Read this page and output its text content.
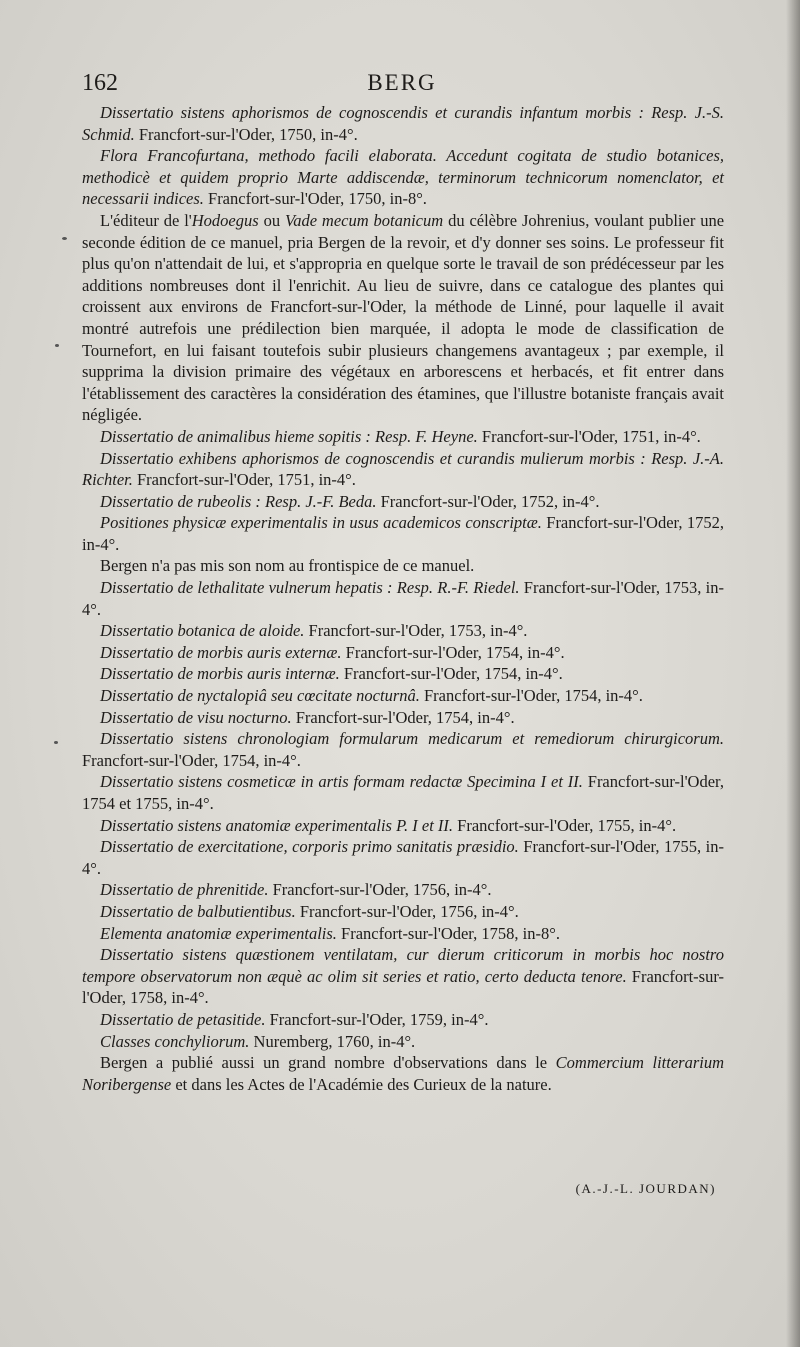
162	BERG

Dissertatio sistens aphorismos de cognoscendis et curandis infantum morbis : Resp. J.-S. Schmid. Francfort-sur-l'Oder, 1750, in-4°.

Flora Francofurtana, methodo facili elaborata. Accedunt cogitata de studio botanices, methodicè et quidem proprio Marte addiscendæ, terminorum technicorum nomenclator, et necessarii indices. Francfort-sur-l'Oder, 1750, in-8°.

L'éditeur de l'Hodoegus ou Vade mecum botanicum du célèbre Johrenius, voulant publier une seconde édition de ce manuel, pria Bergen de la revoir, et d'y donner ses soins. Le professeur fit plus qu'on n'attendait de lui, et s'appropria en quelque sorte le travail de son prédécesseur par les additions nombreuses dont il l'enrichit. Au lieu de suivre, dans ce catalogue des plantes qui croissent aux environs de Francfort-sur-l'Oder, la méthode de Linné, pour laquelle il avait montré autrefois une prédilection bien marquée, il adopta le mode de classification de Tournefort, en lui faisant toutefois subir plusieurs changemens avantageux ; par exemple, il supprima la division primaire des végétaux en arborescens et herbacés, et fit entrer dans l'établissement des caractères la considération des étamines, que l'illustre botaniste français avait négligée.

Dissertatio de animalibus hieme sopitis : Resp. F. Heyne. Francfort-sur-l'Oder, 1751, in-4°.

Dissertatio exhibens aphorismos de cognoscendis et curandis mulierum morbis : Resp. J.-A. Richter. Francfort-sur-l'Oder, 1751, in-4°.

Dissertatio de rubeolis : Resp. J.-F. Beda. Francfort-sur-l'Oder, 1752, in-4°.

Positiones physicæ experimentalis in usus academicos conscriptæ. Francfort-sur-l'Oder, 1752, in-4°.

Bergen n'a pas mis son nom au frontispice de ce manuel.

Dissertatio de lethalitate vulnerum hepatis : Resp. R.-F. Riedel. Francfort-sur-l'Oder, 1753, in-4°.

Dissertatio botanica de aloide. Francfort-sur-l'Oder, 1753, in-4°.

Dissertatio de morbis auris externæ. Francfort-sur-l'Oder, 1754, in-4°.

Dissertatio de morbis auris internæ. Francfort-sur-l'Oder, 1754, in-4°.

Dissertatio de nyctalopiâ seu cœcitate nocturnâ. Francfort-sur-l'Oder, 1754, in-4°.

Dissertatio de visu nocturno. Francfort-sur-l'Oder, 1754, in-4°.

Dissertatio sistens chronologiam formularum medicarum et remediorum chirurgicorum. Francfort-sur-l'Oder, 1754, in-4°.

Dissertatio sistens cosmeticæ in artis formam redactæ Specimina I et II. Francfort-sur-l'Oder, 1754 et 1755, in-4°.

Dissertatio sistens anatomiæ experimentalis P. I et II. Francfort-sur-l'Oder, 1755, in-4°.

Dissertatio de exercitatione, corporis primo sanitatis præsidio. Francfort-sur-l'Oder, 1755, in-4°.

Dissertatio de phrenitide. Francfort-sur-l'Oder, 1756, in-4°.

Dissertatio de balbutientibus. Francfort-sur-l'Oder, 1756, in-4°.

Elementa anatomiæ experimentalis. Francfort-sur-l'Oder, 1758, in-8°.

Dissertatio sistens quæstionem ventilatam, cur dierum criticorum in morbis hoc nostro tempore observatorum non æquè ac olim sit series et ratio, certo deducta tenore. Francfort-sur-l'Oder, 1758, in-4°.

Dissertatio de petasitide. Francfort-sur-l'Oder, 1759, in-4°.

Classes conchyliorum. Nuremberg, 1760, in-4°.

Bergen a publié aussi un grand nombre d'observations dans le Commercium litterarium Noribergense et dans les Actes de l'Académie des Curieux de la nature.

(A.-J.-L. JOURDAN)
